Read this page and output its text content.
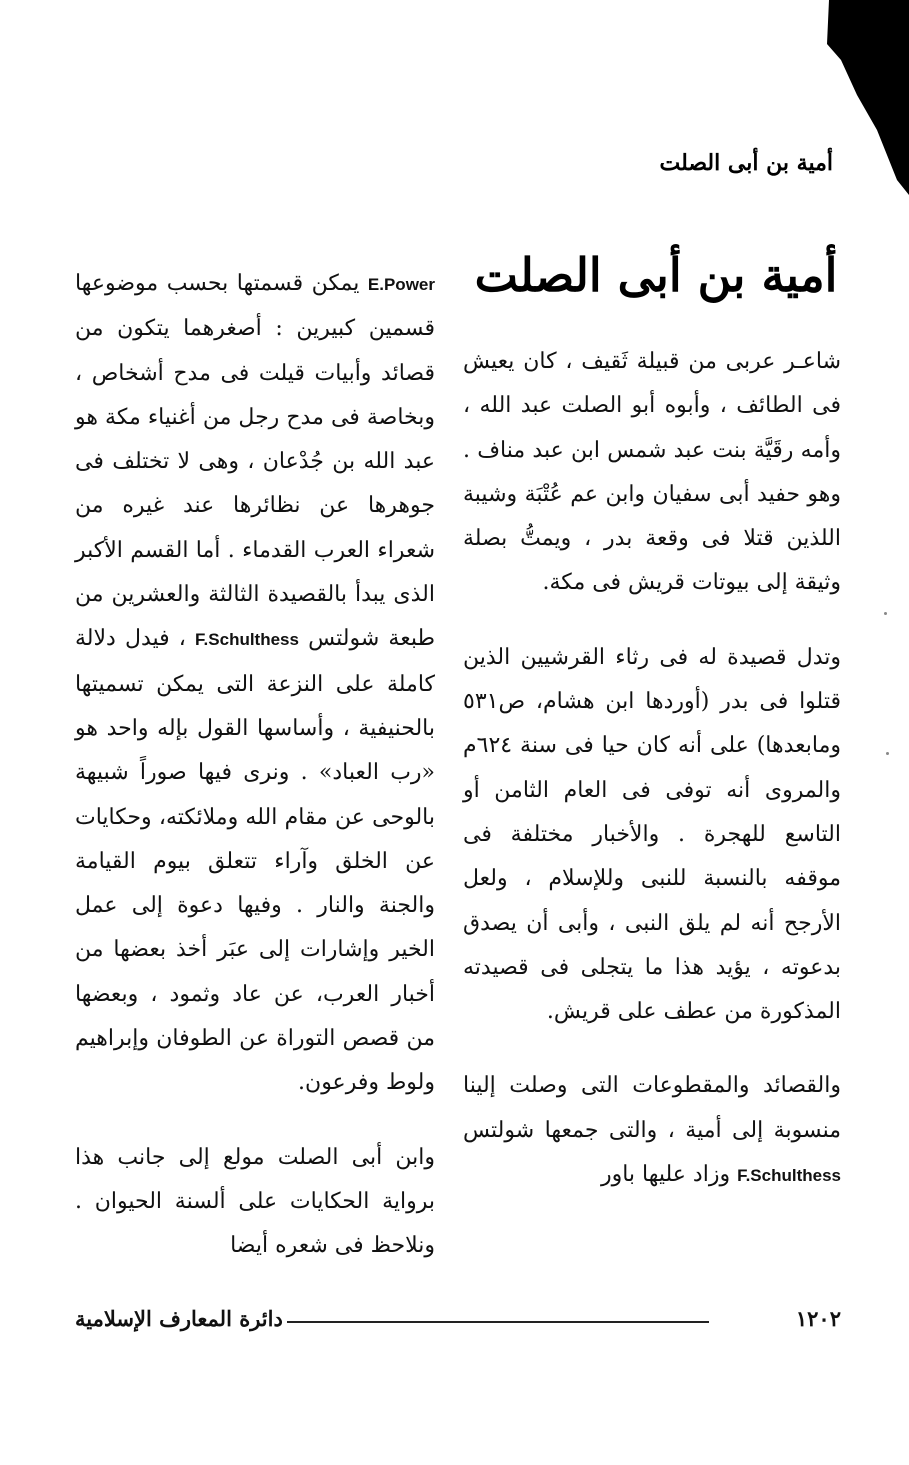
أمية بن أبى الصلت
أمية بن أبى الصلت

شاعـر عربى من قبيلة ثَقيف ، كان يعيش فى الطائف ، وأبوه أبو الصلت عبد الله ، وأمه رقَيَّة بنت عبد شمس ابن عبد مناف . وهو حفيد أبى سفيان وابن عم عُتْبَة وشيبة اللذين قتلا فى وقعة بدر ، ويمتُّ بصلة وثيقة إلى بيوتات قريش فى مكة.

وتدل قصيدة له فى رثاء القرشيين الذين قتلوا فى بدر (أوردها ابن هشام، ص٥٣١ ومابعدها) على أنه كان حيا فى سنة ٦٢٤م والمروى أنه توفى فى العام الثامن أو التاسع للهجرة . والأخبار مختلفة فى موقفه بالنسبة للنبى وللإسلام ، ولعل الأرجح أنه لم يلق النبى ، وأبى أن يصدق بدعوته ، يؤيد هذا ما يتجلى فى قصيدته المذكورة من عطف على قريش.

والقصائد والمقطوعات التى وصلت إلينا منسوبة إلى أمية ، والتى جمعها شولتس F.Schulthess وزاد عليها باور

E.Power يمكن قسمتها بحسب موضوعها قسمين كبيرين : أصغرهما يتكون من قصائد وأبيات قيلت فى مدح أشخاص ، وبخاصة فى مدح رجل من أغنياء مكة هو عبد الله بن جُدْعان ، وهى لا تختلف فى جوهرها عن نظائرها عند غيره من شعراء العرب القدماء . أما القسم الأكبر الذى يبدأ بالقصيدة الثالثة والعشرين من طبعة شولتس F.Schulthess ، فيدل دلالة كاملة على النزعة التى يمكن تسميتها بالحنيفية ، وأساسها القول بإله واحد هو «رب العباد» . ونرى فيها صوراً شبيهة بالوحى عن مقام الله وملائكته، وحكايات عن الخلق وآراء تتعلق بيوم القيامة والجنة والنار . وفيها دعوة إلى عمل الخير وإشارات إلى عبَر أخذ بعضها من أخبار العرب، عن عاد وثمود ، وبعضها من قصص التوراة عن الطوفان وإبراهيم ولوط وفرعون.

وابن أبى الصلت مولع إلى جانب هذا برواية الحكايات على ألسنة الحيوان . ونلاحظ فى شعره أيضا

١٢٠٢
دائرة المعارف الإسلامية
